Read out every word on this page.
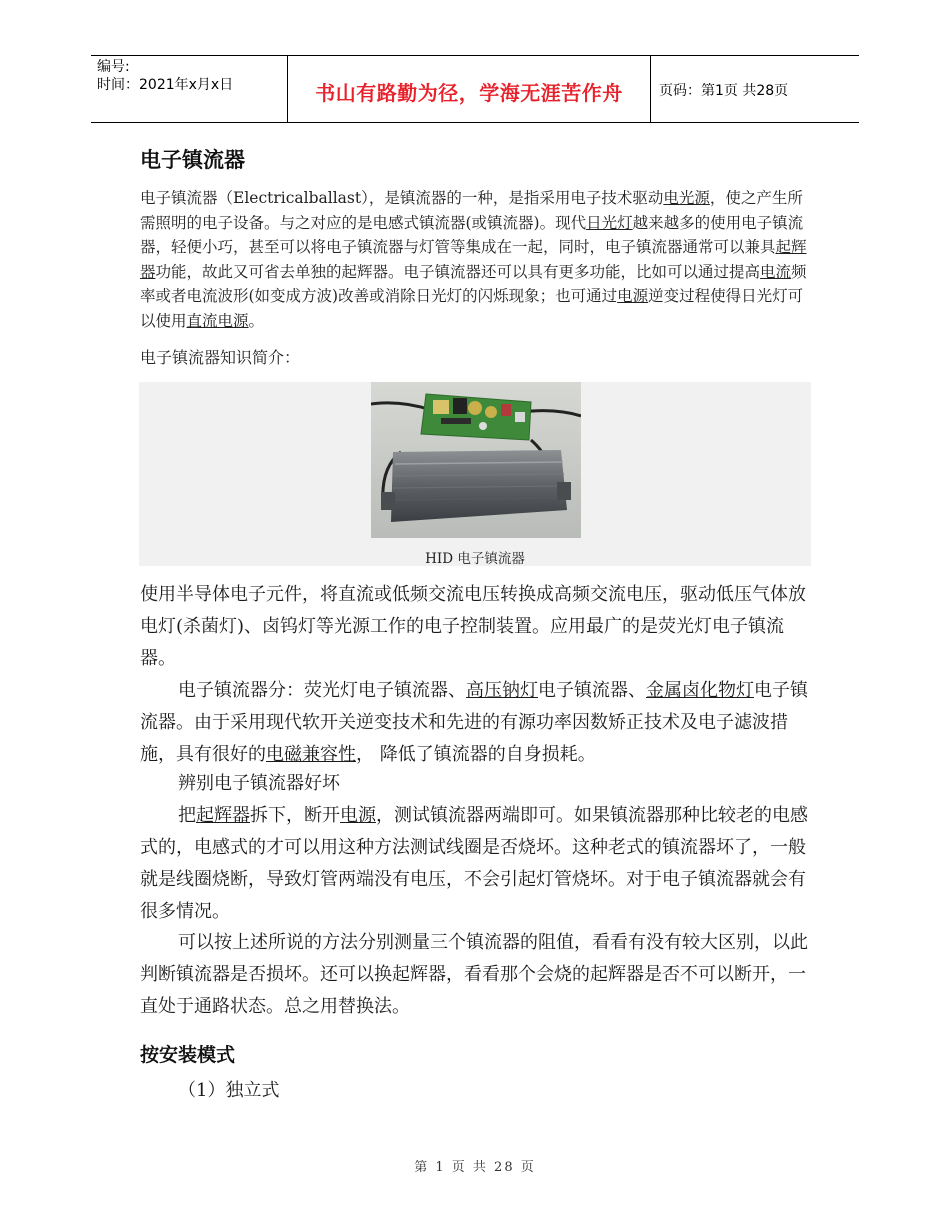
编号:
时间：2021年x月x日	书山有路勤为径，学海无涯苦作舟	页码：第1页 共28页
电子镇流器

电子镇流器（Electricalballast），是镇流器的一种，是指采用电子技术驱动电光源，使之产生所需照明的电子设备。与之对应的是电感式镇流器(或镇流器)。现代日光灯越来越多的使用电子镇流器，轻便小巧，甚至可以将电子镇流器与灯管等集成在一起，同时，电子镇流器通常可以兼具起辉器功能，故此又可省去单独的起辉器。电子镇流器还可以具有更多功能，比如可以通过提高电流频率或者电流波形(如变成方波)改善或消除日光灯的闪烁现象；也可通过电源逆变过程使得日光灯可以使用直流电源。

电子镇流器知识简介：

HID 电子镇流器

使用半导体电子元件，将直流或低频交流电压转换成高频交流电压，驱动低压气体放电灯(杀菌灯)、卤钨灯等光源工作的电子控制装置。应用最广的是荧光灯电子镇流器。

电子镇流器分：荧光灯电子镇流器、高压钠灯电子镇流器、金属卤化物灯电子镇流器。由于采用现代软开关逆变技术和先进的有源功率因数矫正技术及电子滤波措施，具有很好的电磁兼容性， 降低了镇流器的自身损耗。

辨别电子镇流器好坏

把起辉器拆下，断开电源，测试镇流器两端即可。如果镇流器那种比较老的电感式的，电感式的才可以用这种方法测试线圈是否烧坏。这种老式的镇流器坏了，一般就是线圈烧断，导致灯管两端没有电压，不会引起灯管烧坏。对于电子镇流器就会有很多情况。

可以按上述所说的方法分别测量三个镇流器的阻值，看看有没有较大区别，以此判断镇流器是否损坏。还可以换起辉器，看看那个会烧的起辉器是否不可以断开，一直处于通路状态。总之用替换法。

按安装模式

（1）独立式

第 1 页 共 28 页
